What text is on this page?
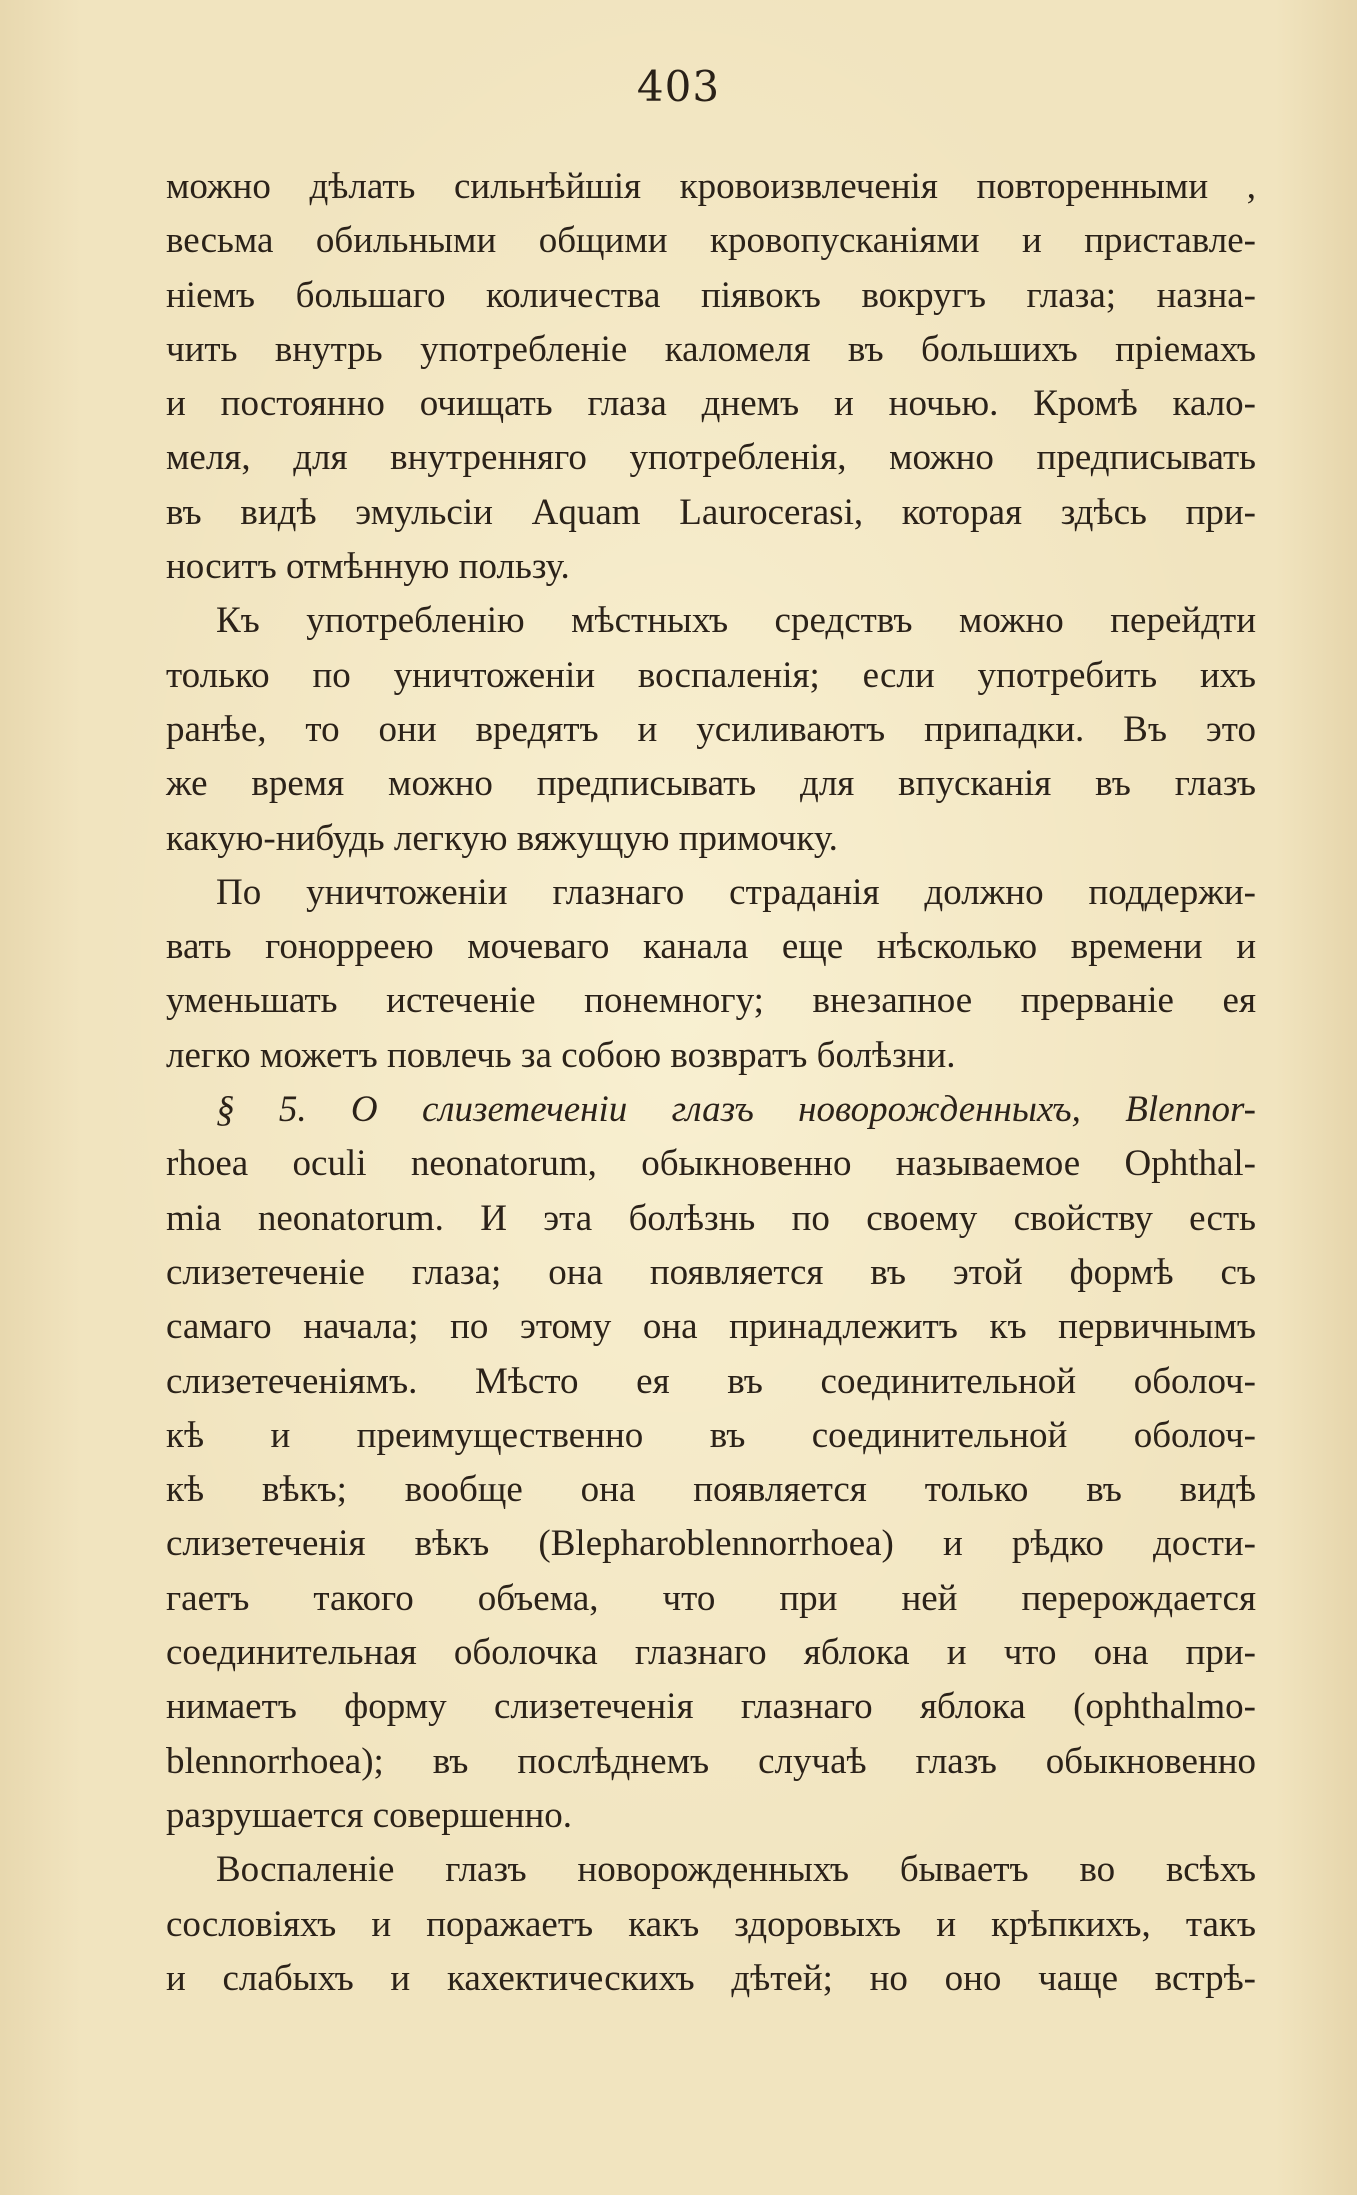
403
можно дѣлать сильнѣйшія кровоизвлеченія повторенными ,
весьма обильными общими кровопусканіями и приставле-
ніемъ большаго количества піявокъ вокругъ глаза; назна-
чить внутрь употребленіе каломеля въ большихъ пріемахъ
и постоянно очищать глаза днемъ и ночью. Кромѣ кало-
меля, для внутренняго употребленія, можно предписывать
въ видѣ эмульсіи Aquam Laurocerasi, которая здѣсь при-
носитъ отмѣнную пользу.
Къ употребленію мѣстныхъ средствъ можно перейдти
только по уничтоженіи воспаленія; если употребить ихъ
ранѣе, то они вредятъ и усиливаютъ припадки. Въ это
же время можно предписывать для впусканія въ глазъ
какую-нибудь легкую вяжущую примочку.
По уничтоженіи глазнаго страданія должно поддержи-
вать гонорреею мочеваго канала еще нѣсколько времени и
уменьшать истеченіе понемногу; внезапное прерваніе ея
легко можетъ повлечь за собою возвратъ болѣзни.
§ 5. О слизетеченіи глазъ новорожденныхъ, Blennor-
rhoea oculi neonatorum, обыкновенно называемое Ophthal-
mia neonatorum. И эта болѣзнь по своему свойству есть
слизетеченіе глаза; она появляется въ этой формѣ съ
самаго начала; по этому она принадлежитъ къ первичнымъ
слизетеченіямъ. Мѣсто ея въ соединительной оболоч-
кѣ и преимущественно въ соединительной оболоч-
кѣ вѣкъ; вообще она появляется только въ видѣ
слизетеченія вѣкъ (Blepharoblennorrhoea) и рѣдко дости-
гаетъ такого объема, что при ней перерождается
соединительная оболочка глазнаго яблока и что она при-
нимаетъ форму слизетеченія глазнаго яблока (ophthalmo-
blennorrhoea); въ послѣднемъ случаѣ глазъ обыкновенно
разрушается совершенно.
Воспаленіе глазъ новорожденныхъ бываетъ во всѣхъ
сословіяхъ и поражаетъ какъ здоровыхъ и крѣпкихъ, такъ
и слабыхъ и кахектическихъ дѣтей; но оно чаще встрѣ-
